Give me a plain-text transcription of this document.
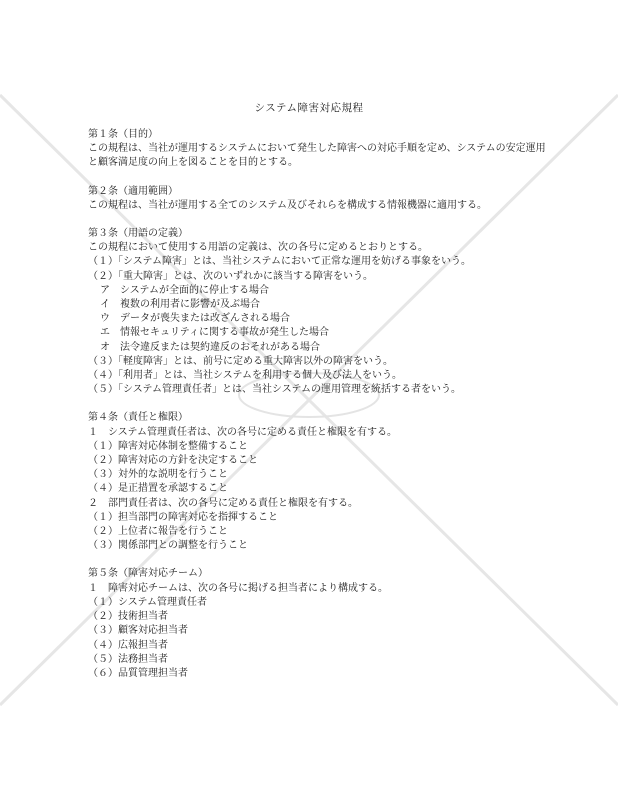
システム障害対応規程
第１条（目的）
この規程は、当社が運用するシステムにおいて発生した障害への対応手順を定め、システムの安定運用と顧客満足度の向上を図ることを目的とする。
第２条（適用範囲）
この規程は、当社が運用する全てのシステム及びそれらを構成する情報機器に適用する。
第３条（用語の定義）
この規程において使用する用語の定義は、次の各号に定めるとおりとする。
（１）「システム障害」とは、当社システムにおいて正常な運用を妨げる事象をいう。
（２）「重大障害」とは、次のいずれかに該当する障害をいう。
ア　システムが全面的に停止する場合
イ　複数の利用者に影響が及ぶ場合
ウ　データが喪失または改ざんされる場合
エ　情報セキュリティに関する事故が発生した場合
オ　法令違反または契約違反のおそれがある場合
（３）「軽度障害」とは、前号に定める重大障害以外の障害をいう。
（４）「利用者」とは、当社システムを利用する個人及び法人をいう。
（５）「システム管理責任者」とは、当社システムの運用管理を統括する者をいう。
第４条（責任と権限）
１　システム管理責任者は、次の各号に定める責任と権限を有する。
（１）障害対応体制を整備すること
（２）障害対応の方針を決定すること
（３）対外的な説明を行うこと
（４）是正措置を承認すること
２　部門責任者は、次の各号に定める責任と権限を有する。
（１）担当部門の障害対応を指揮すること
（２）上位者に報告を行うこと
（３）関係部門との調整を行うこと
第５条（障害対応チーム）
１　障害対応チームは、次の各号に掲げる担当者により構成する。
（１）システム管理責任者
（２）技術担当者
（３）顧客対応担当者
（４）広報担当者
（５）法務担当者
（６）品質管理担当者
